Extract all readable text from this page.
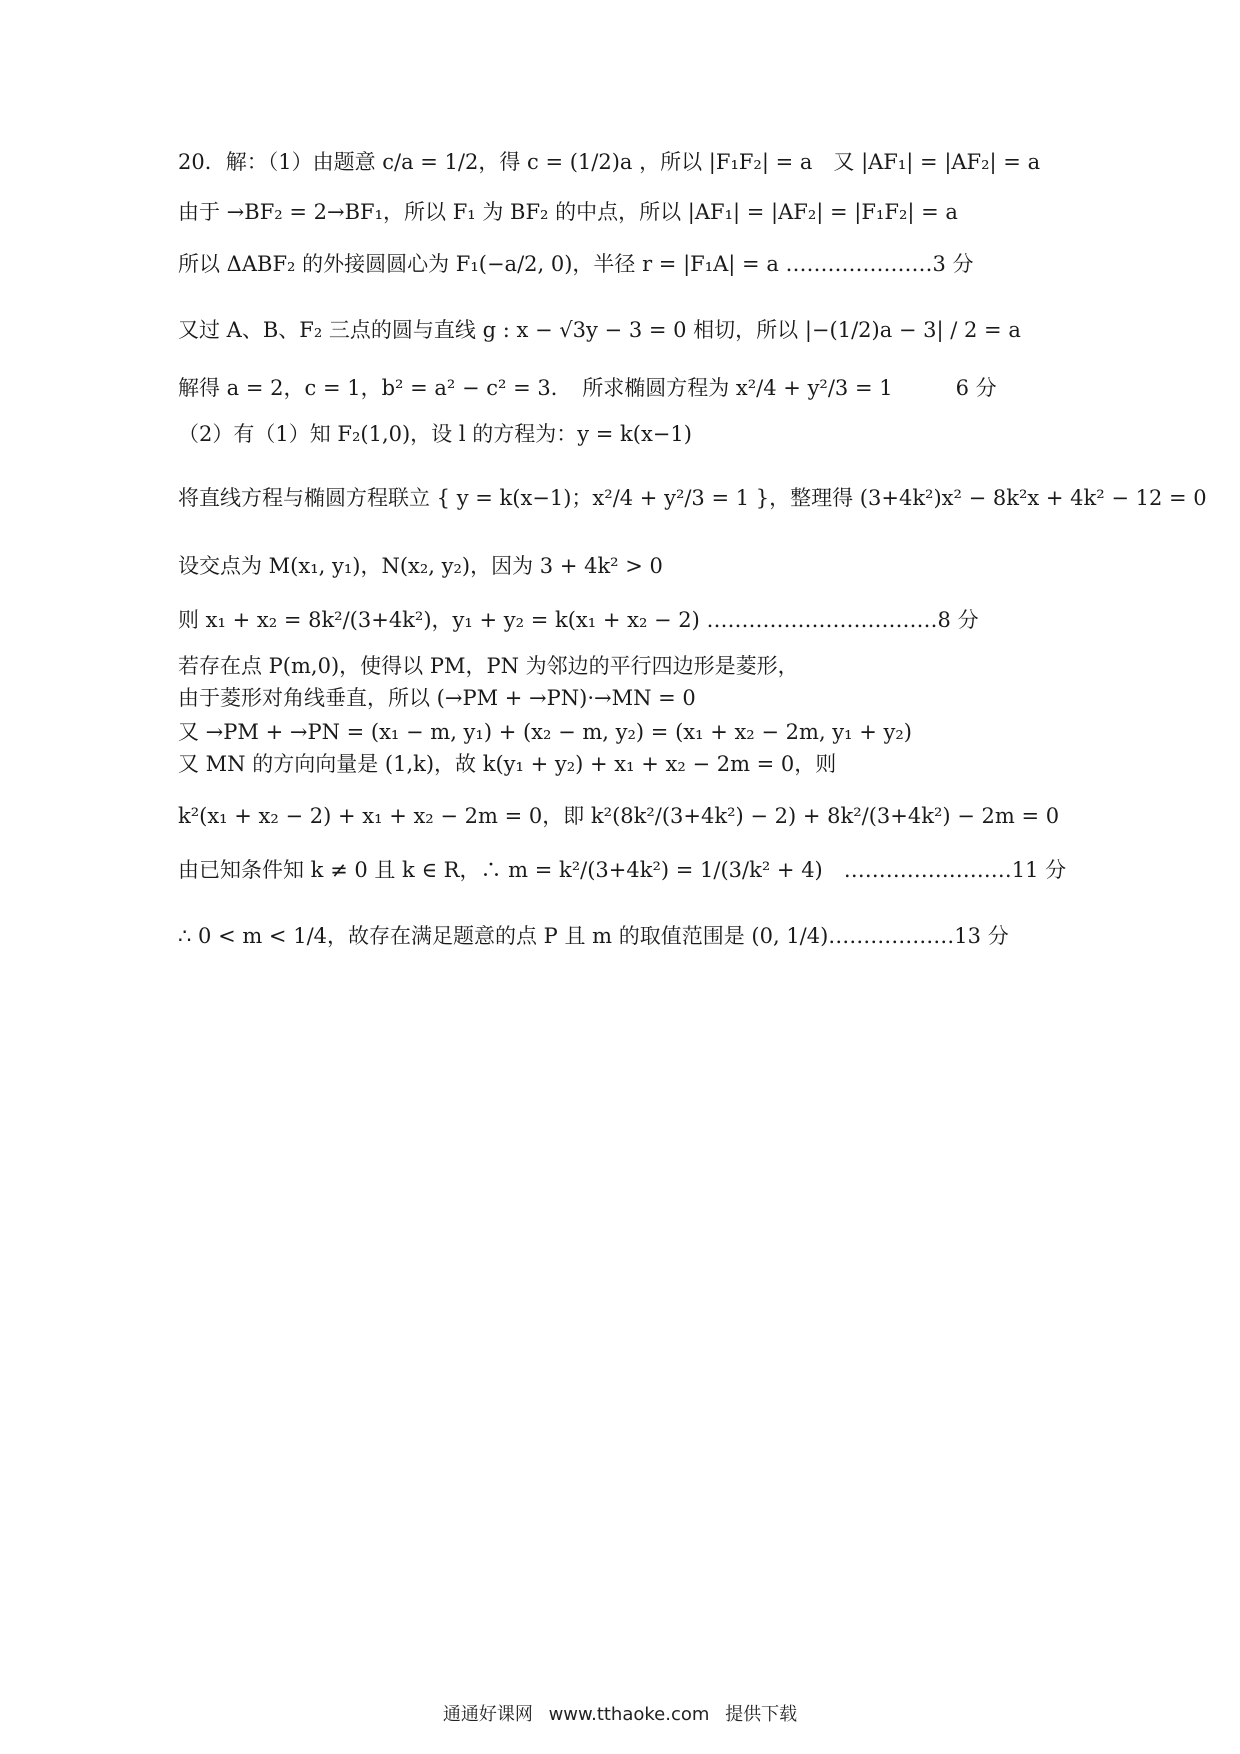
20．解：（1）由题意 c/a = 1/2，得 c = (1/2)a ，所以 |F₁F₂| = a　又 |AF₁| = |AF₂| = a
由于 →BF₂ = 2→BF₁，所以 F₁ 为 BF₂ 的中点，所以 |AF₁| = |AF₂| = |F₁F₂| = a
所以 ΔABF₂ 的外接圆圆心为 F₁(−a/2, 0)，半径 r = |F₁A| = a …………………3 分
又过 A、B、F₂ 三点的圆与直线 g : x − √3y − 3 = 0 相切，所以 |−(1/2)a − 3| / 2 = a
解得 a = 2，c = 1，b² = a² − c² = 3．　所求椭圆方程为 x²/4 + y²/3 = 1　　　6 分
（2）有（1）知 F₂(1,0)，设 l 的方程为：y = k(x−1)
将直线方程与椭圆方程联立 { y = k(x−1)；x²/4 + y²/3 = 1 }，整理得 (3+4k²)x² − 8k²x + 4k² − 12 = 0
设交点为 M(x₁, y₁)，N(x₂, y₂)，因为 3 + 4k² > 0
则 x₁ + x₂ = 8k²/(3+4k²)，y₁ + y₂ = k(x₁ + x₂ − 2) ……………………………8 分
若存在点 P(m,0)，使得以 PM，PN 为邻边的平行四边形是菱形，
由于菱形对角线垂直，所以 (→PM + →PN)·→MN = 0
又 →PM + →PN = (x₁ − m, y₁) + (x₂ − m, y₂) = (x₁ + x₂ − 2m, y₁ + y₂)
又 MN 的方向向量是 (1,k)，故 k(y₁ + y₂) + x₁ + x₂ − 2m = 0，则
k²(x₁ + x₂ − 2) + x₁ + x₂ − 2m = 0，即 k²(8k²/(3+4k²) − 2) + 8k²/(3+4k²) − 2m = 0
由已知条件知 k ≠ 0 且 k ∈ R，∴ m = k²/(3+4k²) = 1/(3/k² + 4)　……………………11 分
∴ 0 < m < 1/4，故存在满足题意的点 P 且 m 的取值范围是 (0, 1/4)………………13 分
通通好课网 www.tthaoke.com 提供下载
